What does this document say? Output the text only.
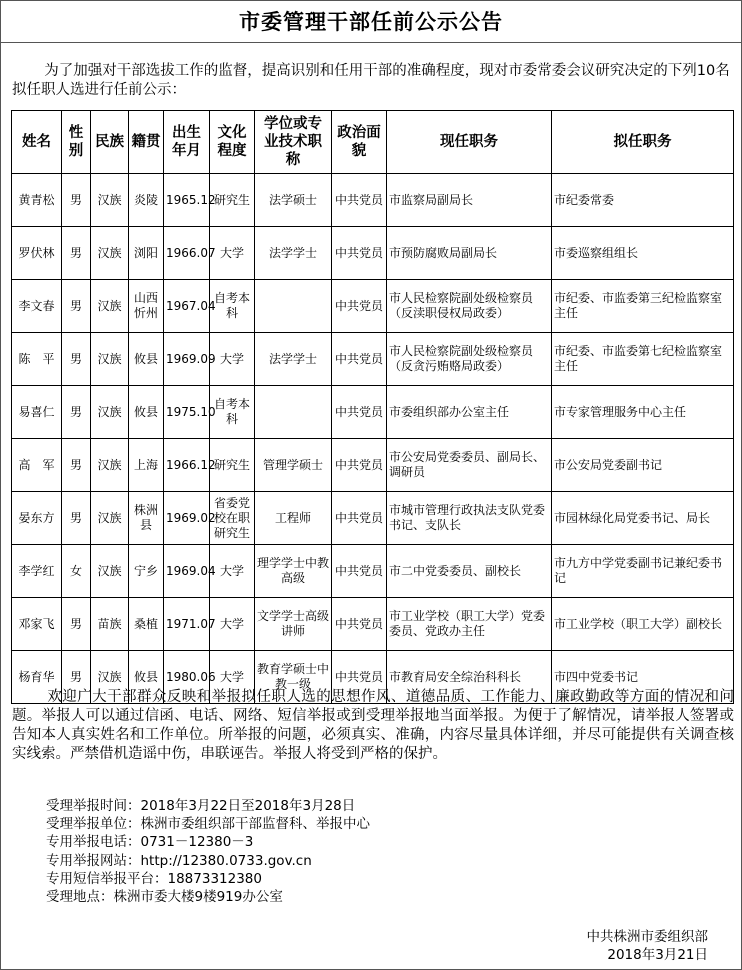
市委管理干部任前公示公告
为了加强对干部选拔工作的监督，提高识别和任用干部的准确程度，现对市委常委会议研究决定的下列10名拟任职人选进行任前公示：
姓名	性别	民族	籍贯	出生年月	文化程度	学位或专业技术职称	政治面貌	现任职务	拟任职务
黄青松	男	汉族	炎陵	1965.12	研究生	法学硕士	中共党员	市监察局副局长	市纪委常委
罗伏林	男	汉族	浏阳	1966.07	大学	法学学士	中共党员	市预防腐败局副局长	市委巡察组组长
李文春	男	汉族	山西忻州	1967.04	自考本科		中共党员	市人民检察院副处级检察员（反渎职侵权局政委）	市纪委、市监委第三纪检监察室主任
陈　平	男	汉族	攸县	1969.09	大学	法学学士	中共党员	市人民检察院副处级检察员（反贪污贿赂局政委）	市纪委、市监委第七纪检监察室主任
易喜仁	男	汉族	攸县	1975.10	自考本科		中共党员	市委组织部办公室主任	市专家管理服务中心主任
高　军	男	汉族	上海	1966.12	研究生	管理学硕士	中共党员	市公安局党委委员、副局长、调研员	市公安局党委副书记
晏东方	男	汉族	株洲县	1969.02	省委党校在职研究生	工程师	中共党员	市城市管理行政执法支队党委书记、支队长	市园林绿化局党委书记、局长
李学红	女	汉族	宁乡	1969.04	大学	理学学士中教高级	中共党员	市二中党委委员、副校长	市九方中学党委副书记兼纪委书记
邓家飞	男	苗族	桑植	1971.07	大学	文学学士高级讲师	中共党员	市工业学校（职工大学）党委委员、党政办主任	市工业学校（职工大学）副校长
杨育华	男	汉族	攸县	1980.06	大学	教育学硕士中教一级	中共党员	市教育局安全综治科科长	市四中党委书记
欢迎广大干部群众反映和举报拟任职人选的思想作风、道德品质、工作能力、廉政勤政等方面的情况和问题。举报人可以通过信函、电话、网络、短信举报或到受理举报地当面举报。为便于了解情况，请举报人签署或告知本人真实姓名和工作单位。所举报的问题，必须真实、准确，内容尽量具体详细，并尽可能提供有关调查核实线索。严禁借机造谣中伤，串联诬告。举报人将受到严格的保护。
受理举报时间：2018年3月22日至2018年3月28日
受理举报单位：株洲市委组织部干部监督科、举报中心
专用举报电话：0731－12380－3
专用举报网站：http://12380.0733.gov.cn
专用短信举报平台：18873312380
受理地点：株洲市委大楼9楼919办公室
中共株洲市委组织部
2018年3月21日
